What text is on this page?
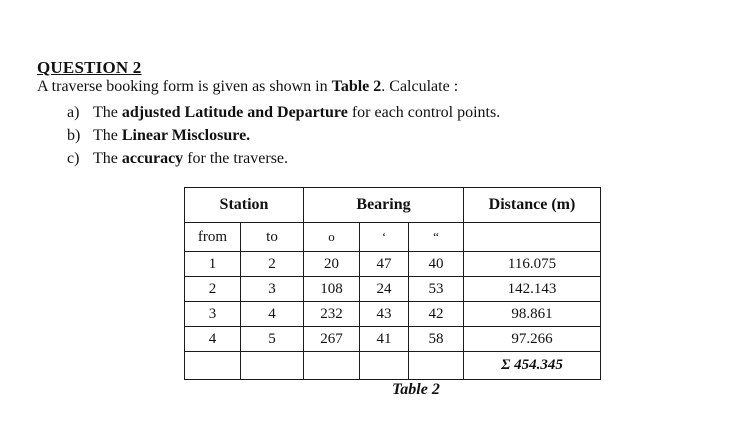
QUESTION 2
A traverse booking form is given as shown in Table 2. Calculate :
a) The adjusted Latitude and Departure for each control points.
b) The Linear Misclosure.
c) The accuracy for the traverse.
Station		Bearing			Distance (m)
from	to	o	‘	“	
1	2	20	47	40	116.075
2	3	108	24	53	142.143
3	4	232	43	42	98.861
4	5	267	41	58	97.266
					Σ 454.345
Table 2
